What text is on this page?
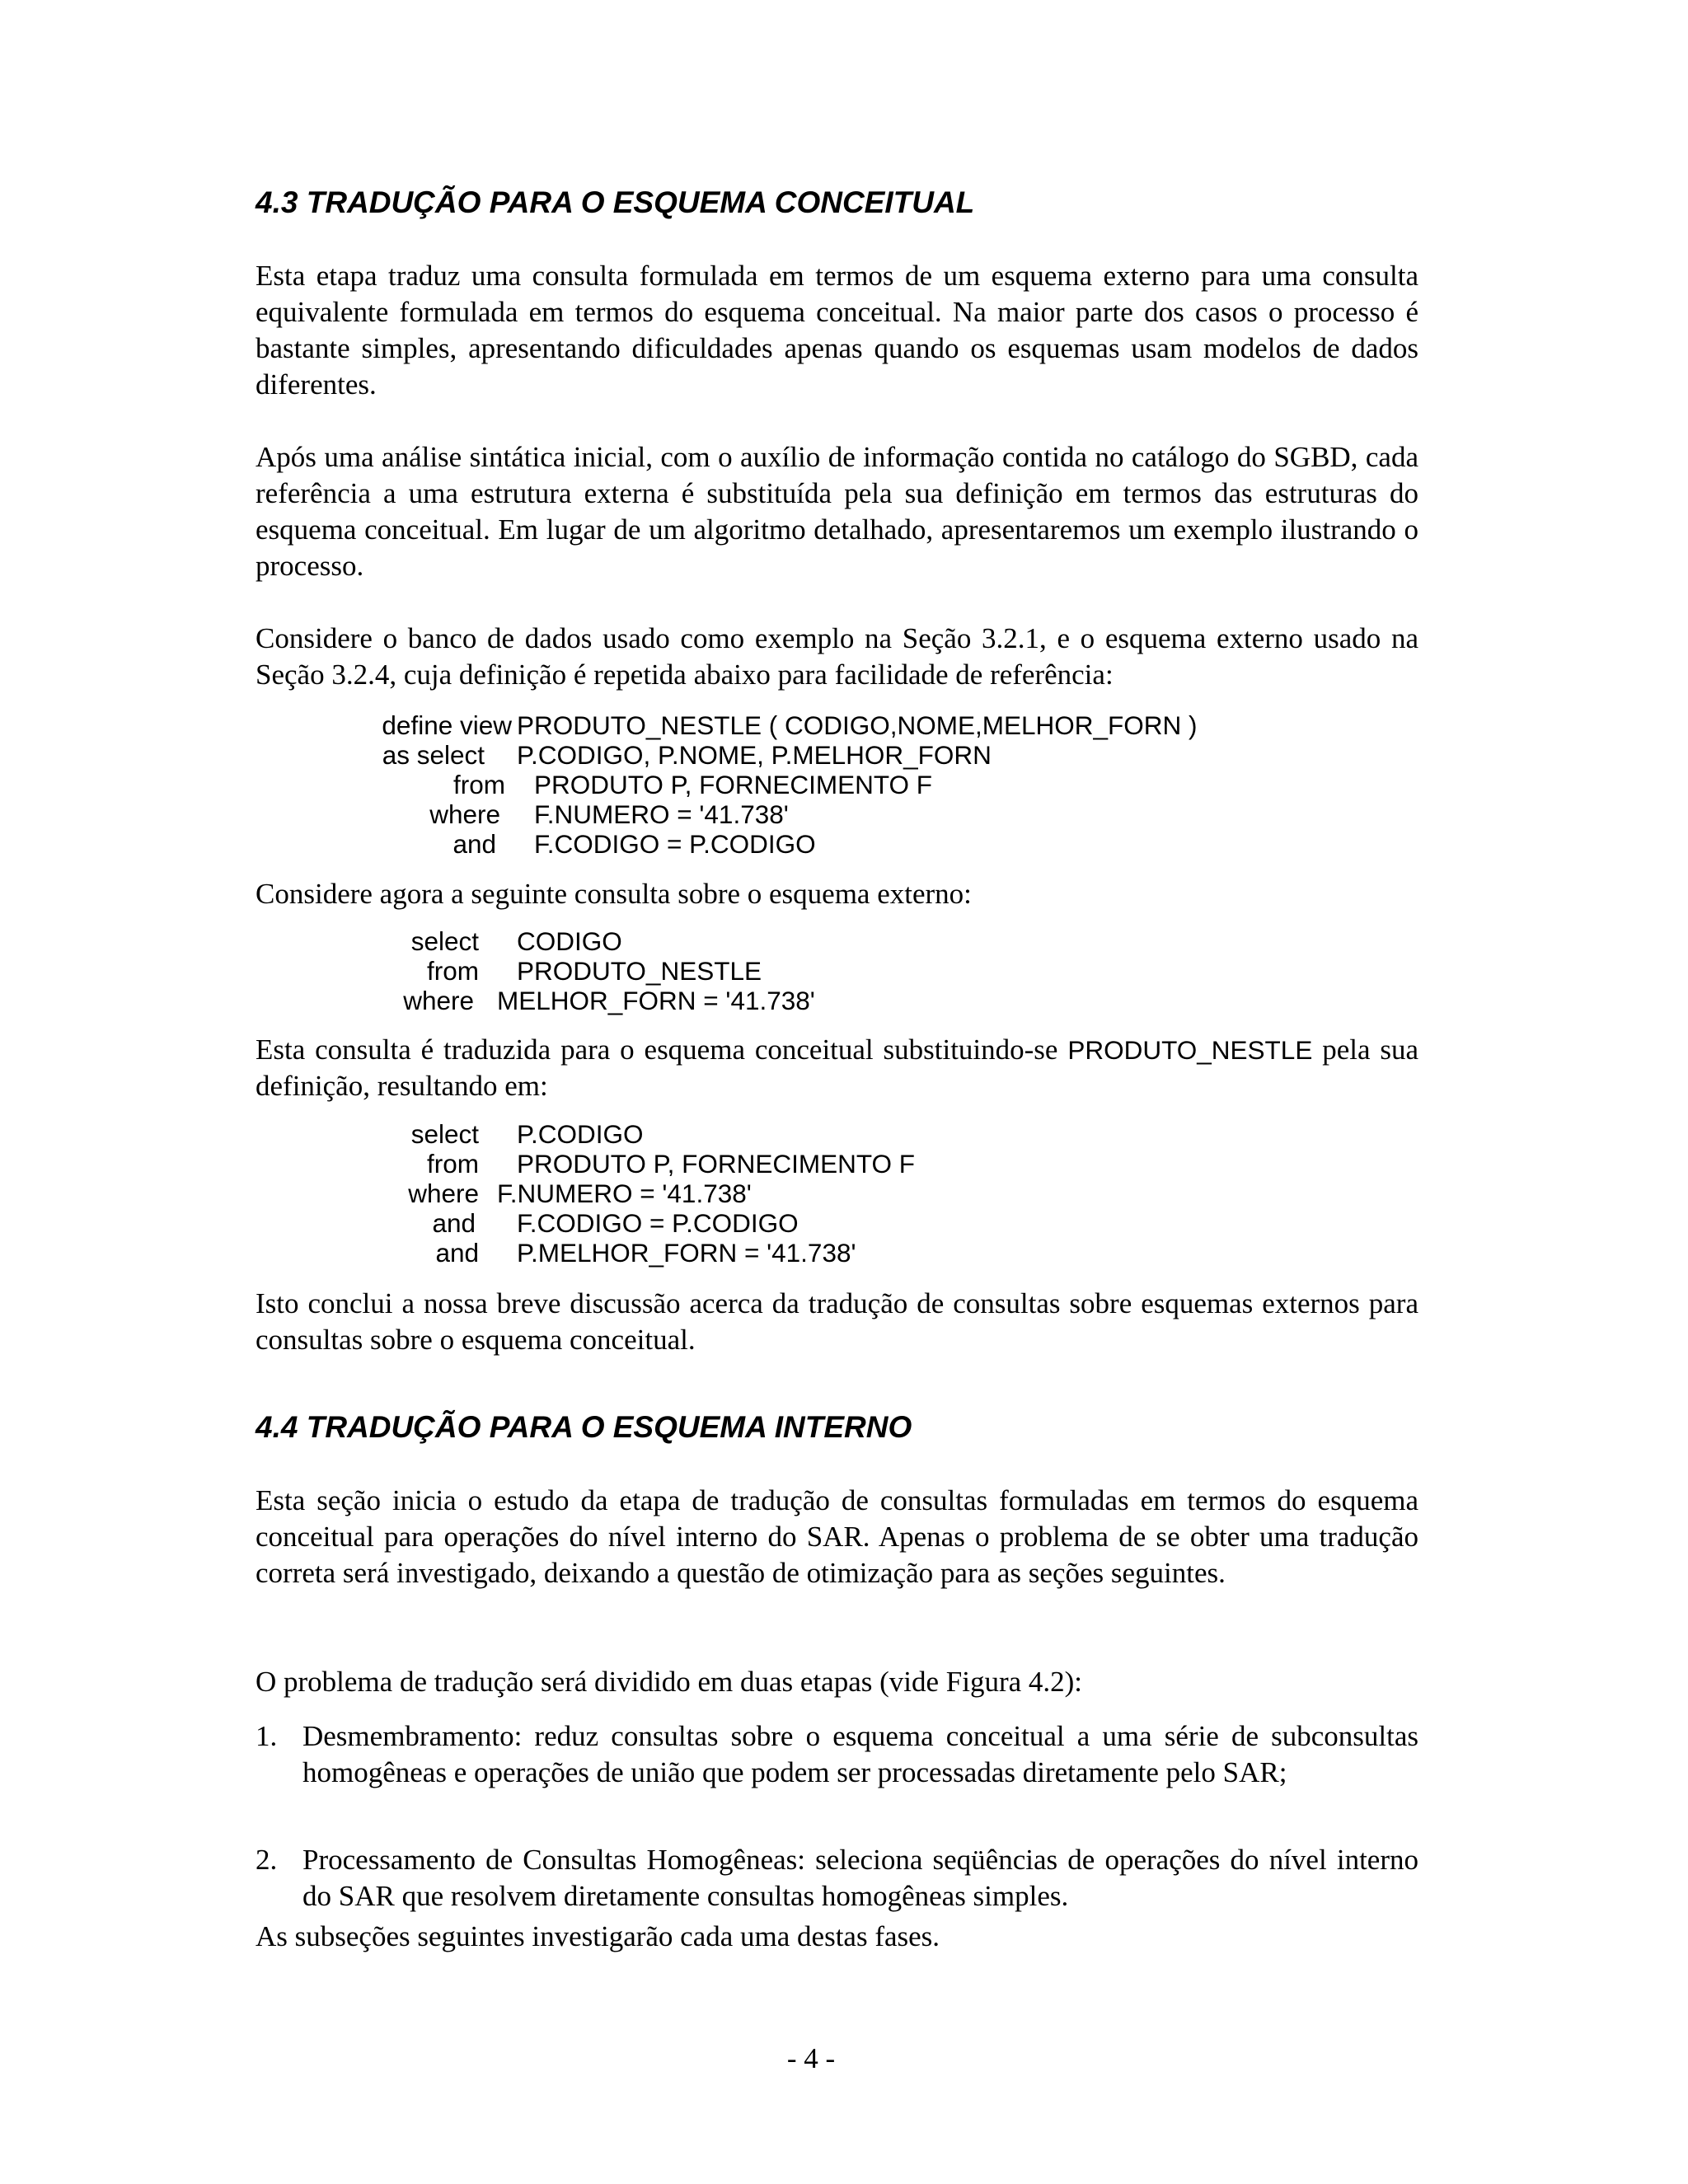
4.3 TRADUÇÃO PARA O ESQUEMA CONCEITUAL

Esta etapa traduz uma consulta formulada em termos de um esquema externo para uma consulta equivalente formulada em termos do esquema conceitual. Na maior parte dos casos o processo é bastante simples, apresentando dificuldades apenas quando os esquemas usam modelos de dados diferentes.

Após uma análise sintática inicial, com o auxílio de informação contida no catálogo do SGBD, cada referência a uma estrutura externa é substituída pela sua definição em termos das estruturas do esquema conceitual. Em lugar de um algoritmo detalhado, apresentaremos um exemplo ilustrando o processo.

Considere o banco de dados usado como exemplo na Seção 3.2.1, e o esquema externo usado na Seção 3.2.4, cuja definição é repetida abaixo para facilidade de referência:

define view PRODUTO_NESTLE ( CODIGO,NOME,MELHOR_FORN )
as select P.CODIGO, P.NOME, P.MELHOR_FORN
from PRODUTO P, FORNECIMENTO F
where F.NUMERO = '41.738'
and F.CODIGO = P.CODIGO

Considere agora a seguinte consulta sobre o esquema externo:

select CODIGO
from PRODUTO_NESTLE
where MELHOR_FORN = '41.738'

Esta consulta é traduzida para o esquema conceitual substituindo-se PRODUTO_NESTLE pela sua definição, resultando em:

select P.CODIGO
from PRODUTO P, FORNECIMENTO F
where F.NUMERO = '41.738'
and F.CODIGO = P.CODIGO
and P.MELHOR_FORN = '41.738'

Isto conclui a nossa breve discussão acerca da tradução de consultas sobre esquemas externos para consultas sobre o esquema conceitual.

4.4 TRADUÇÃO PARA O ESQUEMA INTERNO

Esta seção inicia o estudo da etapa de tradução de consultas formuladas em termos do esquema conceitual para operações do nível interno do SAR. Apenas o problema de se obter uma tradução correta será investigado, deixando a questão de otimização para as seções seguintes.

O problema de tradução será dividido em duas etapas (vide Figura 4.2):

1. Desmembramento: reduz consultas sobre o esquema conceitual a uma série de subconsultas homogêneas e operações de união que podem ser processadas diretamente pelo SAR;

2. Processamento de Consultas Homogêneas: seleciona seqüências de operações do nível interno do SAR que resolvem diretamente consultas homogêneas simples.

As subseções seguintes investigarão cada uma destas fases.

- 4 -
